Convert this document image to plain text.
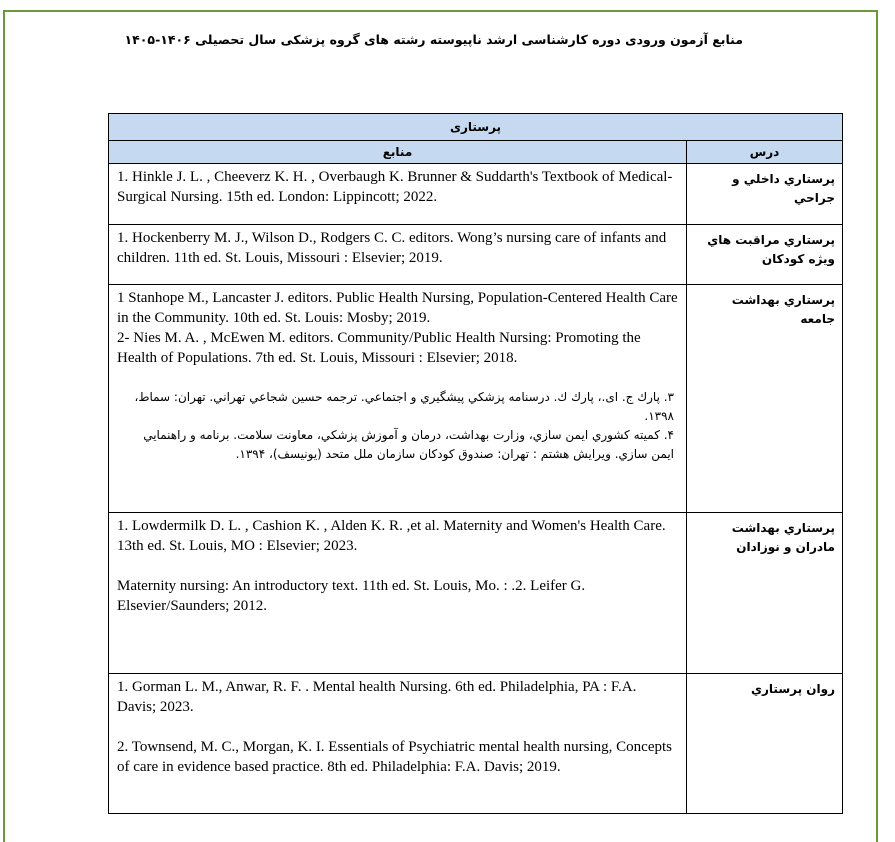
منابع آزمون ورودی دوره کارشناسی ارشد ناپیوسته رشته های گروه پزشکی سال تحصیلی ۱۴۰۶-۱۴۰۵
پرستاری	
منابع	درس

1. Hinkle J. L. , Cheeverz K. H. , Overbaugh K. Brunner & Suddarth's Textbook of Medical-Surgical Nursing. 15th ed. London: Lippincott; 2022.	پرستاري داخلي و جراحي

1. Hockenberry M. J., Wilson D., Rodgers C. C. editors. Wong’s nursing care of infants and children. 11th ed. St. Louis, Missouri : Elsevier; 2019.	پرستاري مراقبت هاي ويژه كودكان

1 Stanhope M., Lancaster J. editors. Public Health Nursing, Population-Centered Health Care in the Community. 10th ed. St. Louis: Mosby; 2019.

2- Nies M. A. , McEwen M. editors. Community/Public Health Nursing: Promoting the Health of Populations. 7th ed. St. Louis, Missouri : Elsevier; 2018.

۳. پارك ج. ای.، پارك ك. درسنامه پزشكي پيشگيري و اجتماعي. ترجمه حسين شجاعي تهراني. تهران: سماط، ۱۳۹۸.

۴. كميته كشوري ايمن سازي، وزارت بهداشت، درمان و آموزش پزشكي، معاونت سلامت. برنامه و راهنمايي ايمن سازي. ويرايش هشتم : تهران: صندوق كودكان سازمان ملل متحد (يونيسف)، ۱۳۹۴.	پرستاري بهداشت جامعه

1. Lowdermilk D. L. , Cashion K. , Alden K. R. ,et al. Maternity and Women's Health Care. 13th ed. St. Louis, MO : Elsevier; 2023.

Maternity nursing: An introductory text. 11th ed. St. Louis, Mo. : .2. Leifer G. Elsevier/Saunders; 2012.	پرستاري بهداشت مادران و نوزادان

1. Gorman L. M., Anwar, R. F. . Mental health Nursing. 6th ed. Philadelphia, PA : F.A. Davis; 2023.

2. Townsend, M. C., Morgan, K. I. Essentials of Psychiatric mental health nursing, Concepts of care in evidence based practice. 8th ed. Philadelphia: F.A. Davis; 2019.	روان پرستاري
